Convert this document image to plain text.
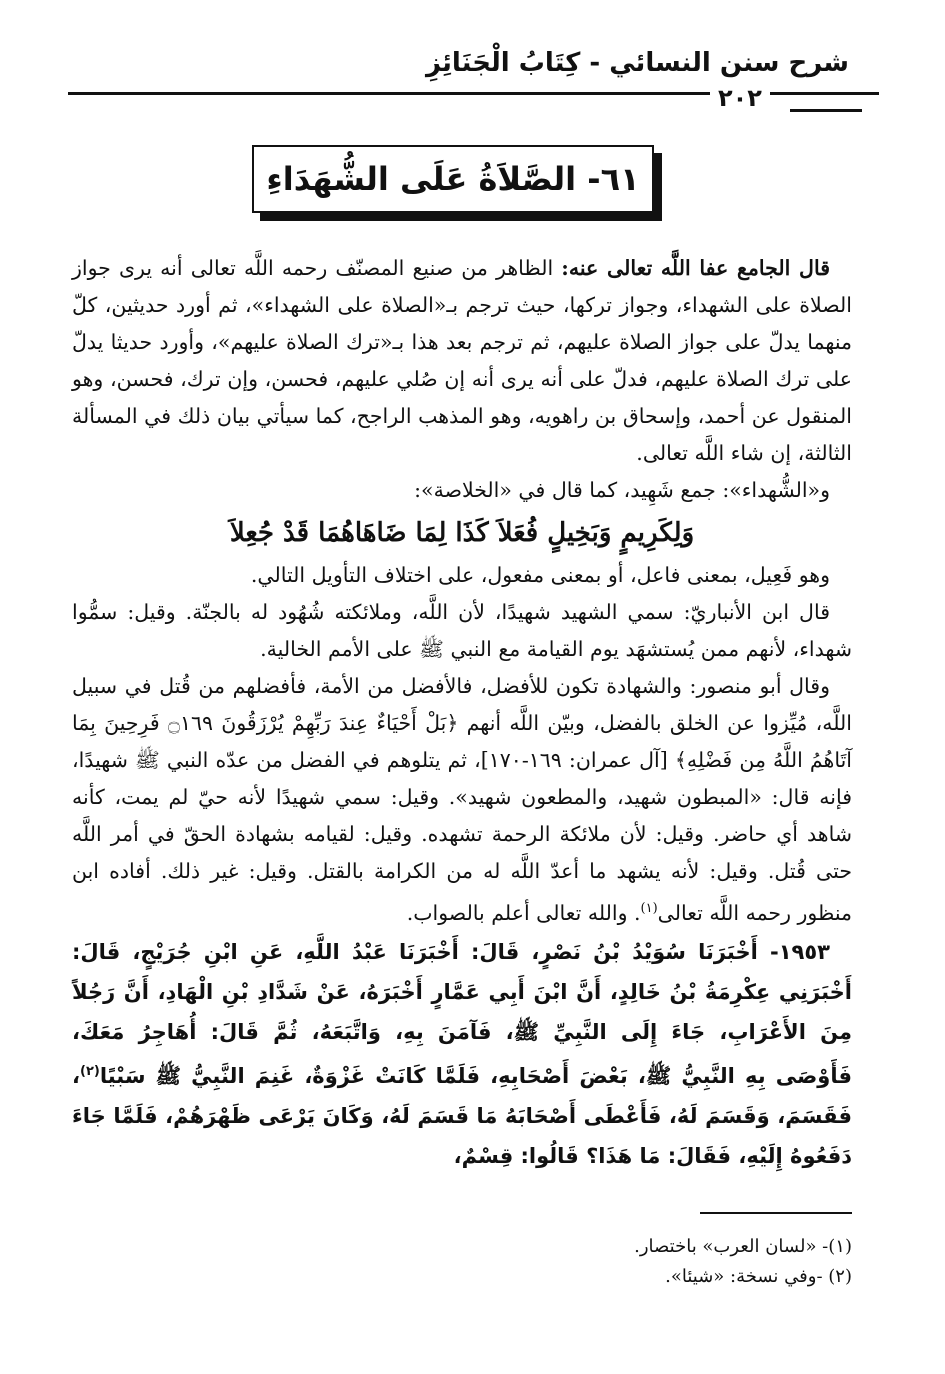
شرح سنن النسائي - كِتَابُ الْجَنَائِزِ
٢٠٢
٦١- الصَّلاَةُ عَلَى الشُّهَدَاءِ

قال الجامع عفا اللَّه تعالى عنه: الظاهر من صنيع المصنّف رحمه اللَّه تعالى أنه يرى جواز الصلاة على الشهداء، وجواز تركها، حيث ترجم بـ«الصلاة على الشهداء»، ثم أورد حديثين، كلّ منهما يدلّ على جواز الصلاة عليهم، ثم ترجم بعد هذا بـ«ترك الصلاة عليهم»، وأورد حديثا يدلّ على ترك الصلاة عليهم، فدلّ على أنه يرى أنه إن صُلي عليهم، فحسن، وإن ترك، فحسن، وهو المنقول عن أحمد، وإسحاق بن راهويه، وهو المذهب الراجح، كما سيأتي بيان ذلك في المسألة الثالثة، إن شاء اللَّه تعالى.

و«الشُّهداء»: جمع شَهِيد، كما قال في «الخلاصة»:

وَلِكَرِيمٍ وَبَخِيلٍ فُعَلاَ كَذَا لِمَا ضَاهَاهُمَا قَدْ جُعِلاَ

وهو فَعِيل، بمعنى فاعل، أو بمعنى مفعول، على اختلاف التأويل التالي.

قال ابن الأنباريّ: سمي الشهيد شهيدًا، لأن اللَّه، وملائكته شُهُود له بالجنّة. وقيل: سمُّوا شهداء، لأنهم ممن يُستشهَد يوم القيامة مع النبي ﷺ على الأمم الخالية.

وقال أبو منصور: والشهادة تكون للأفضل، فالأفضل من الأمة، فأفضلهم من قُتل في سبيل اللَّه، مُيِّزوا عن الخلق بالفضل، وبيّن اللَّه أنهم ﴿بَلْ أَحْيَاءٌ عِندَ رَبِّهِمْ يُرْزَقُونَ ۝١٦٩ فَرِحِينَ بِمَا آتَاهُمُ اللَّهُ مِن فَضْلِهِ﴾ [آل عمران: ١٦٩-١٧٠]، ثم يتلوهم في الفضل من عدّه النبي ﷺ شهيدًا، فإنه قال: «المبطون شهيد، والمطعون شهيد». وقيل: سمي شهيدًا لأنه حيّ لم يمت، كأنه شاهد أي حاضر. وقيل: لأن ملائكة الرحمة تشهده. وقيل: لقيامه بشهادة الحقّ في أمر اللَّه حتى قُتل. وقيل: لأنه يشهد ما أعدّ اللَّه له من الكرامة بالقتل. وقيل: غير ذلك. أفاده ابن منظور رحمه اللَّه تعالى$^{(١)}$. والله تعالى أعلم بالصواب.

١٩٥٣- أَخْبَرَنَا سُوَيْدُ بْنُ نَصْرٍ، قَالَ: أَخْبَرَنَا عَبْدُ اللَّهِ، عَنِ ابْنِ جُرَيْجٍ، قَالَ: أَخْبَرَنِي عِكْرِمَةُ بْنُ خَالِدٍ، أَنَّ ابْنَ أَبِي عَمَّارٍ أَخْبَرَهُ، عَنْ شَدَّادِ بْنِ الْهَادِ، أَنَّ رَجُلاً مِنَ الأَعْرَابِ، جَاءَ إِلَى النَّبِيِّ ﷺ، فَآمَنَ بِهِ، وَاتَّبَعَهُ، ثُمَّ قَالَ: أُهَاجِرُ مَعَكَ، فَأَوْصَى بِهِ النَّبِيُّ ﷺ، بَعْضَ أَصْحَابِهِ، فَلَمَّا كَانَتْ غَزْوَةٌ، غَنِمَ النَّبِيُّ ﷺ سَبْيًا$^{(٢)}$، فَقَسَمَ، وَقَسَمَ لَهُ، فَأَعْطَى أَصْحَابَهُ مَا قَسَمَ لَهُ، وَكَانَ يَرْعَى ظَهْرَهُمْ، فَلَمَّا جَاءَ دَفَعُوهُ إِلَيْهِ، فَقَالَ: مَا هَذَا؟ قَالُوا: قِسْمٌ،

(١)- «لسان العرب» باختصار.
(٢) -وفي نسخة: «شيئا».
